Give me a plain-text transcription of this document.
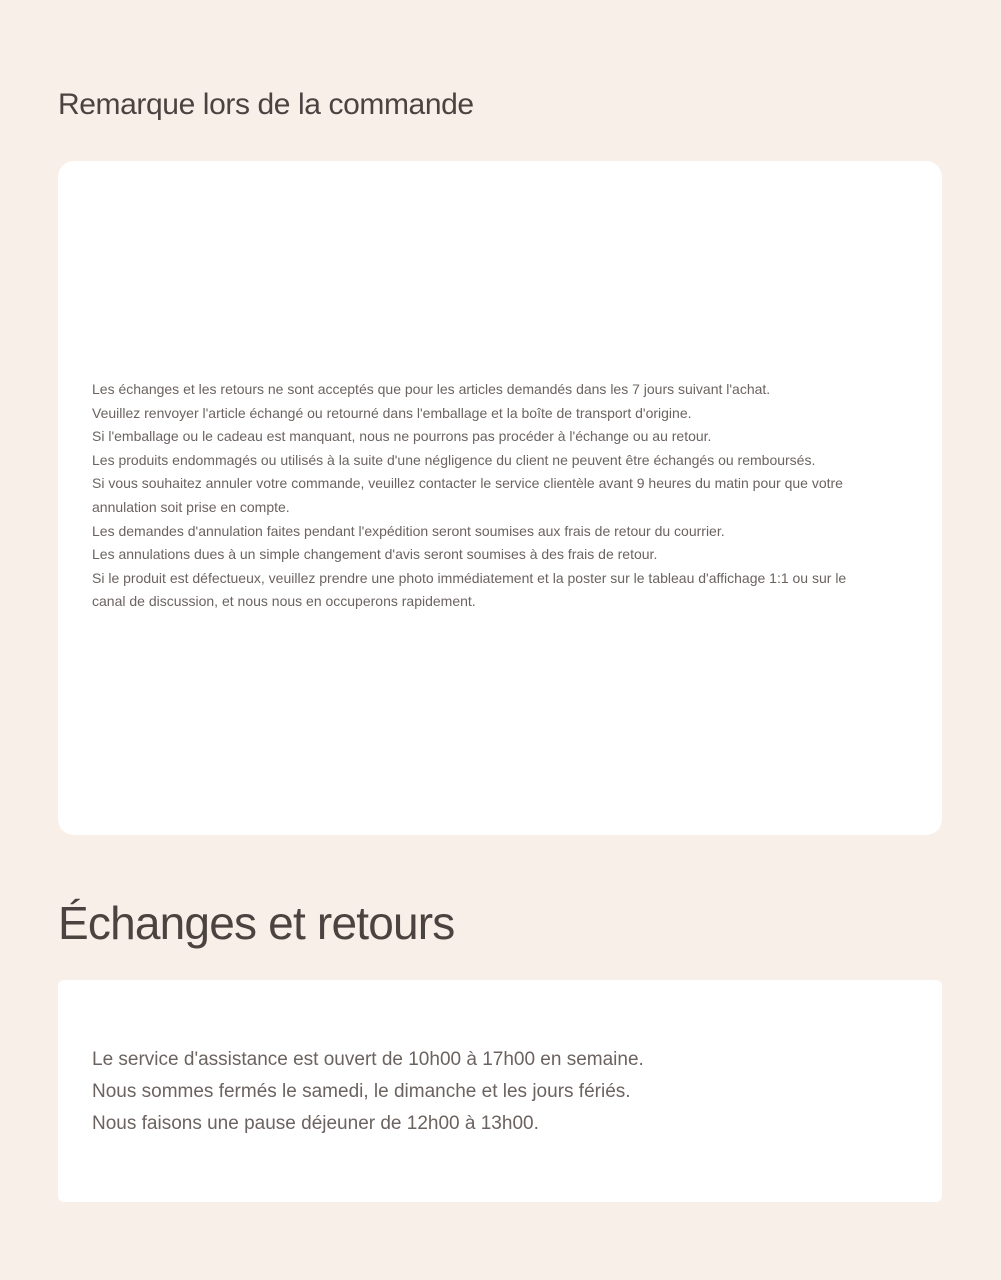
Remarque lors de la commande
Les échanges et les retours ne sont acceptés que pour les articles demandés dans les 7 jours suivant l'achat.
Veuillez renvoyer l'article échangé ou retourné dans l'emballage et la boîte de transport d'origine.
Si l'emballage ou le cadeau est manquant, nous ne pourrons pas procéder à l'échange ou au retour.
Les produits endommagés ou utilisés à la suite d'une négligence du client ne peuvent être échangés ou remboursés.
Si vous souhaitez annuler votre commande, veuillez contacter le service clientèle avant 9 heures du matin pour que votre annulation soit prise en compte.
Les demandes d'annulation faites pendant l'expédition seront soumises aux frais de retour du courrier.
Les annulations dues à un simple changement d'avis seront soumises à des frais de retour.
Si le produit est défectueux, veuillez prendre une photo immédiatement et la poster sur le tableau d'affichage 1:1 ou sur le canal de discussion, et nous nous en occuperons rapidement.
Échanges et retours
Le service d'assistance est ouvert de 10h00 à 17h00 en semaine.
Nous sommes fermés le samedi, le dimanche et les jours fériés.
Nous faisons une pause déjeuner de 12h00 à 13h00.
